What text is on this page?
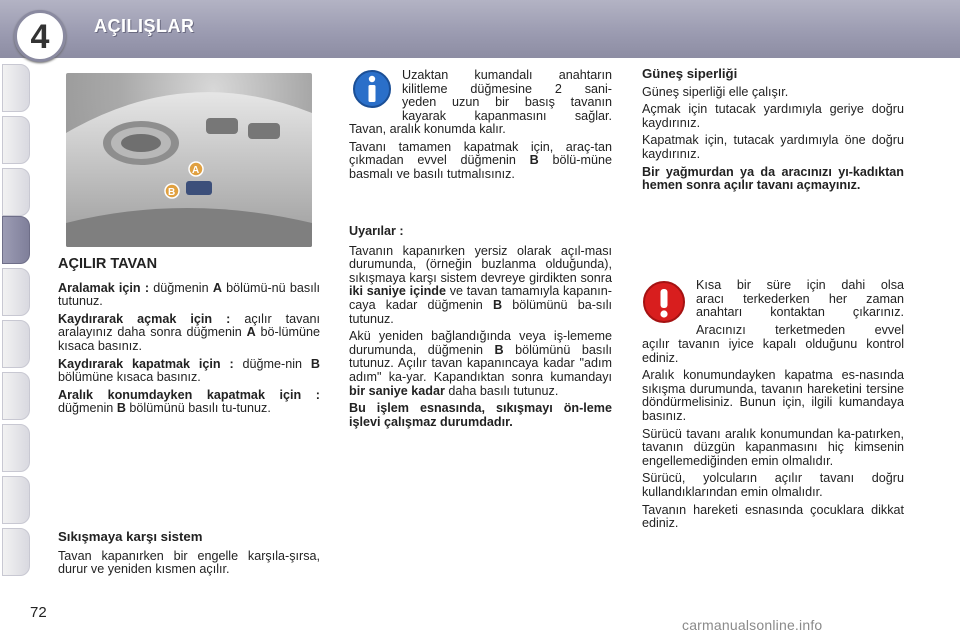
4	AÇILIŞLAR
A
B
AÇILIR TAVAN

Aralamak için : düğmenin A bölümü-nü basılı tutunuz.

Kaydırarak açmak için : açılır tavanı aralayınız daha sonra düğmenin A bö-lümüne kısaca basınız.

Kaydırarak kapatmak için : düğme-nin B bölümüne kısaca basınız.

Aralık konumdayken kapatmak için : düğmenin B bölümünü basılı tu-tunuz.

Sıkışmaya karşı sistem

Tavan kapanırken bir engelle karşıla-şırsa, durur ve yeniden kısmen açılır.

Uzaktan kumandalı anahtarın

kilitleme düğmesine 2 sani-

yeden uzun bir basış tavanın

kayarak kapanmasını sağlar.

Tavan, aralık konumda kalır.

Tavanı tamamen kapatmak için, araç-tan çıkmadan evvel düğmenin B bölü-müne basmalı ve basılı tutmalısınız.

Uyarılar :

Tavanın kapanırken yersiz olarak açıl-ması durumunda, (örneğin buzlanma olduğunda), sıkışmaya karşı sistem devreye girdikten sonra iki saniye içinde ve tavan tamamıyla kapanın-caya kadar düğmenin B bölümünü ba-sılı tutunuz.

Akü yeniden bağlandığında veya iş-lememe durumunda, düğmenin B bölümünü basılı tutunuz. Açılır tavan kapanıncaya kadar "adım adım" ka-yar. Kapandıktan sonra kumandayı bir saniye kadar daha basılı tutunuz.

Bu işlem esnasında, sıkışmayı ön-leme işlevi çalışmaz durumdadır.

Güneş siperliği

Güneş siperliği elle çalışır.

Açmak için tutacak yardımıyla geriye doğru kaydırınız.

Kapatmak için, tutacak yardımıyla öne doğru kaydırınız.

Bir yağmurdan ya da aracınızı yı-kadıktan hemen sonra açılır tavanı açmayınız.

Kısa bir süre için dahi olsa

aracı terkederken her zaman

anahtarı kontaktan çıkarınız.

Aracınızı terketmeden evvel

açılır tavanın iyice kapalı olduğunu kontrol ediniz.

Aralık konumundayken kapatma es-nasında sıkışma durumunda, tavanın hareketini tersine döndürmelisiniz. Bunun için, ilgili kumandaya basınız.

Sürücü tavanı aralık konumundan ka-patırken, tavanın düzgün kapanmasını hiç kimsenin engellemediğinden emin olmalıdır.

Sürücü, yolcuların açılır tavanı doğru kullandıklarından emin olmalıdır.

Tavanın hareketi esnasında çocuklara dikkat ediniz.

72
carmanualsonline.info
